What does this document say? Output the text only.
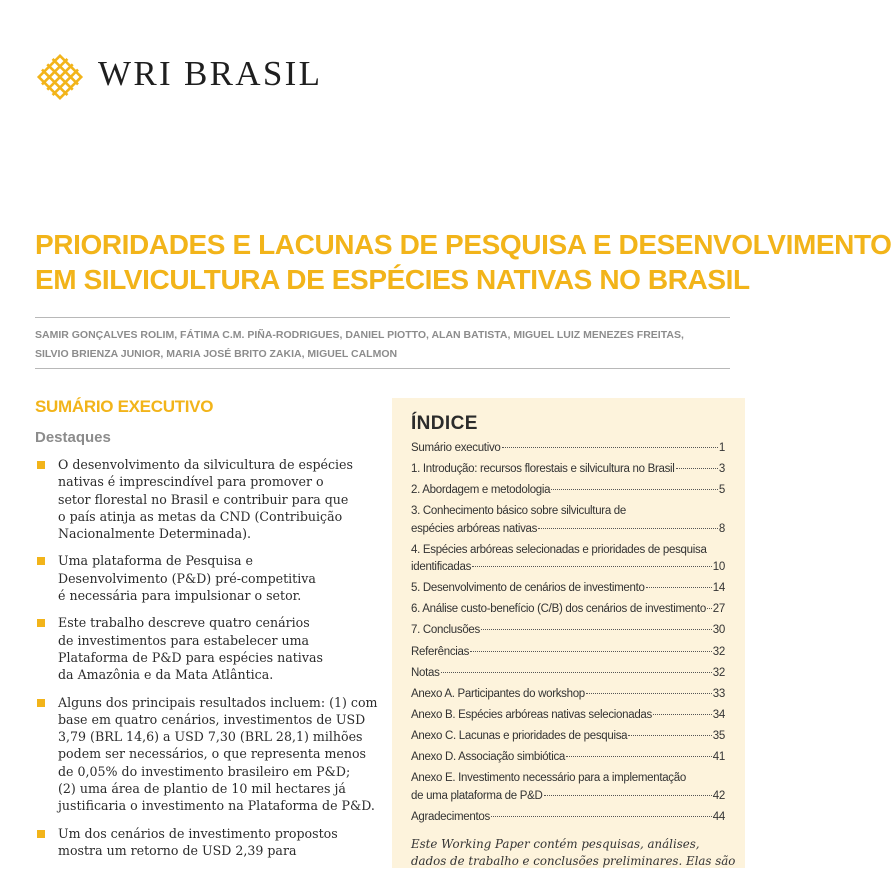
WRI BRASIL
PRIORIDADES E LACUNAS DE PESQUISA E DESENVOLVIMENTO
EM SILVICULTURA DE ESPÉCIES NATIVAS NO BRASIL
SAMIR GONÇALVES ROLIM, FÁTIMA C.M. PIÑA-RODRIGUES, DANIEL PIOTTO, ALAN BATISTA, MIGUEL LUIZ MENEZES FREITAS,
SILVIO BRIENZA JUNIOR, MARIA JOSÉ BRITO ZAKIA, MIGUEL CALMON
SUMÁRIO EXECUTIVO
Destaques
O desenvolvimento da silvicultura de espécies
nativas é imprescindível para promover o
setor florestal no Brasil e contribuir para que
o país atinja as metas da CND (Contribuição
Nacionalmente Determinada).
Uma plataforma de Pesquisa e
Desenvolvimento (P&D) pré-competitiva
é necessária para impulsionar o setor.
Este trabalho descreve quatro cenários
de investimentos para estabelecer uma
Plataforma de P&D para espécies nativas
da Amazônia e da Mata Atlântica.
Alguns dos principais resultados incluem: (1) com
base em quatro cenários, investimentos de USD
3,79 (BRL 14,6) a USD 7,30 (BRL 28,1) milhões
podem ser necessários, o que representa menos
de 0,05% do investimento brasileiro em P&D;
(2) uma área de plantio de 10 mil hectares já
justificaria o investimento na Plataforma de P&D.
Um dos cenários de investimento propostos
mostra um retorno de USD 2,39 para
ÍNDICE
Sumário executivo	1
1. Introdução: recursos florestais e silvicultura no Brasil	3
2. Abordagem e metodologia	5
3. Conhecimento básico sobre silvicultura de
espécies arbóreas nativas	8
4. Espécies arbóreas selecionadas e prioridades de pesquisa
identificadas	10
5. Desenvolvimento de cenários de investimento	14
6. Análise custo-benefício (C/B) dos cenários de investimento 27
7. Conclusões	30
Referências	32
Notas	32
Anexo A. Participantes do workshop	33
Anexo B. Espécies arbóreas nativas selecionadas	34
Anexo C. Lacunas e prioridades de pesquisa	35
Anexo D. Associação simbiótica	41
Anexo E. Investimento necessário para a implementação
de uma plataforma de P&D	42
Agradecimentos	44
Este Working Paper contém pesquisas, análises,
dados de trabalho e conclusões preliminares. Elas são
